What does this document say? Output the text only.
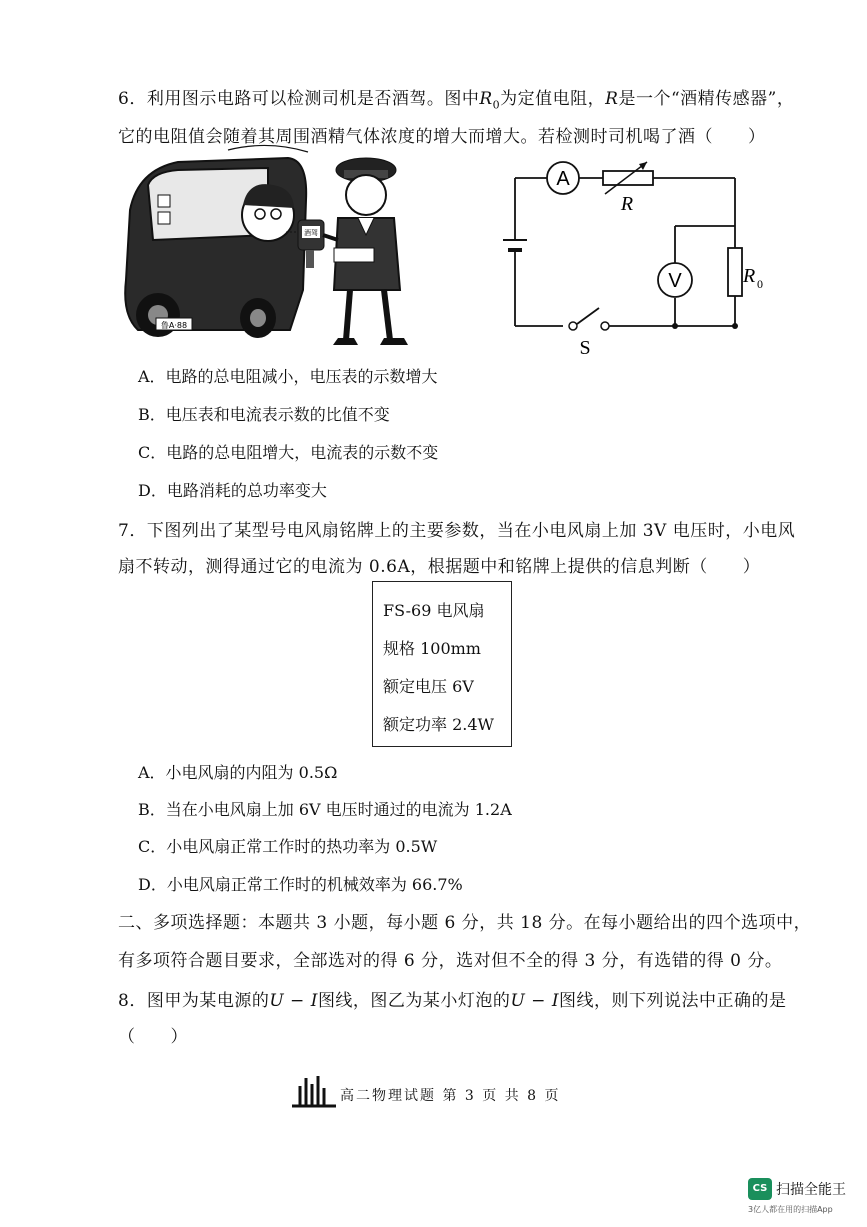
6．利用图示电路可以检测司机是否酒驾。图中$R_0$为定值电阻，R是一个“酒精传感器”，
它的电阻值会随着其周围酒精气体浓度的增大而增大。若检测时司机喝了酒（　　）
鲁A·88
酒驾
A
R
V	R 0
S
A．电路的总电阻减小，电压表的示数增大
B．电压表和电流表示数的比值不变
C．电路的总电阻增大，电流表的示数不变
D．电路消耗的总功率变大
7．下图列出了某型号电风扇铭牌上的主要参数，当在小电风扇上加 3V 电压时，小电风
扇不转动，测得通过它的电流为 0.6A，根据题中和铭牌上提供的信息判断（　　）
FS-69 电风扇
规格 100mm
额定电压 6V
额定功率 2.4W
A．小电风扇的内阻为 0.5Ω
B．当在小电风扇上加 6V 电压时通过的电流为 1.2A
C．小电风扇正常工作时的热功率为 0.5W
D．小电风扇正常工作时的机械效率为 66.7%
二、多项选择题：本题共 3 小题，每小题 6 分，共 18 分。在每小题给出的四个选项中，
有多项符合题目要求，全部选对的得 6 分，选对但不全的得 3 分，有选错的得 0 分。
8．图甲为某电源的U − I图线，图乙为某小灯泡的U − I图线，则下列说法中正确的是
（　　）
高二物理试题 第 3 页 共 8 页
CS 扫描全能王
3亿人都在用的扫描App
